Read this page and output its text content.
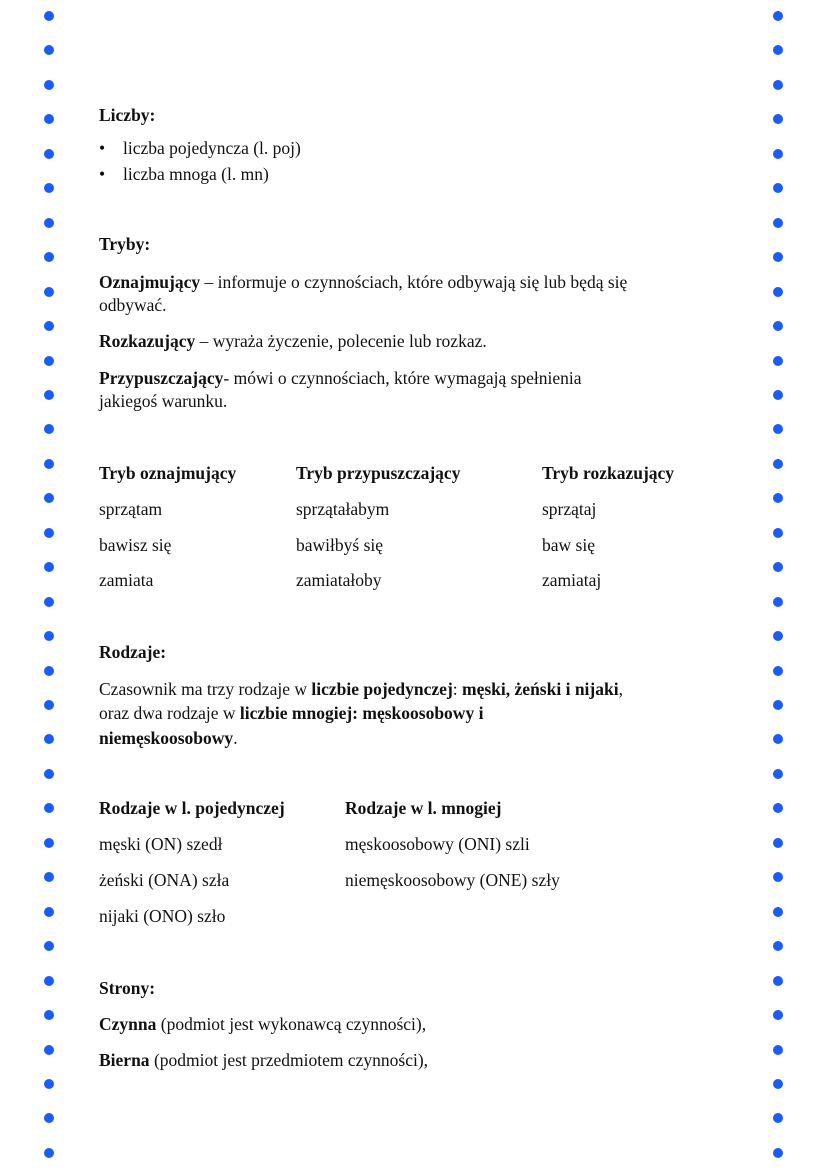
Liczby:
• liczba pojedyncza (l. poj)
• liczba mnoga (l. mn)
Tryby:
Oznajmujący – informuje o czynnościach, które odbywają się lub będą się
odbywać.
Rozkazujący – wyraża życzenie, polecenie lub rozkaz.
Przypuszczający- mówi o czynnościach, które wymagają spełnienia
jakiegoś warunku.
Tryb oznajmujący	Tryb przypuszczający	Tryb rozkazujący
sprzątam	sprzątałabym	sprzątaj
bawisz się	bawiłbyś się	baw się
zamiata	zamiatałoby	zamiataj
Rodzaje:
Czasownik ma trzy rodzaje w liczbie pojedynczej: męski, żeński i nijaki,
oraz dwa rodzaje w liczbie mnogiej: męskoosobowy i
niemęskoosobowy.
Rodzaje w l. pojedynczej	Rodzaje w l. mnogiej
męski (ON) szedł	męskoosobowy (ONI) szli
żeński (ONA) szła	niemęskoosobowy (ONE) szły
nijaki (ONO) szło
Strony:
Czynna (podmiot jest wykonawcą czynności),
Bierna (podmiot jest przedmiotem czynności),
